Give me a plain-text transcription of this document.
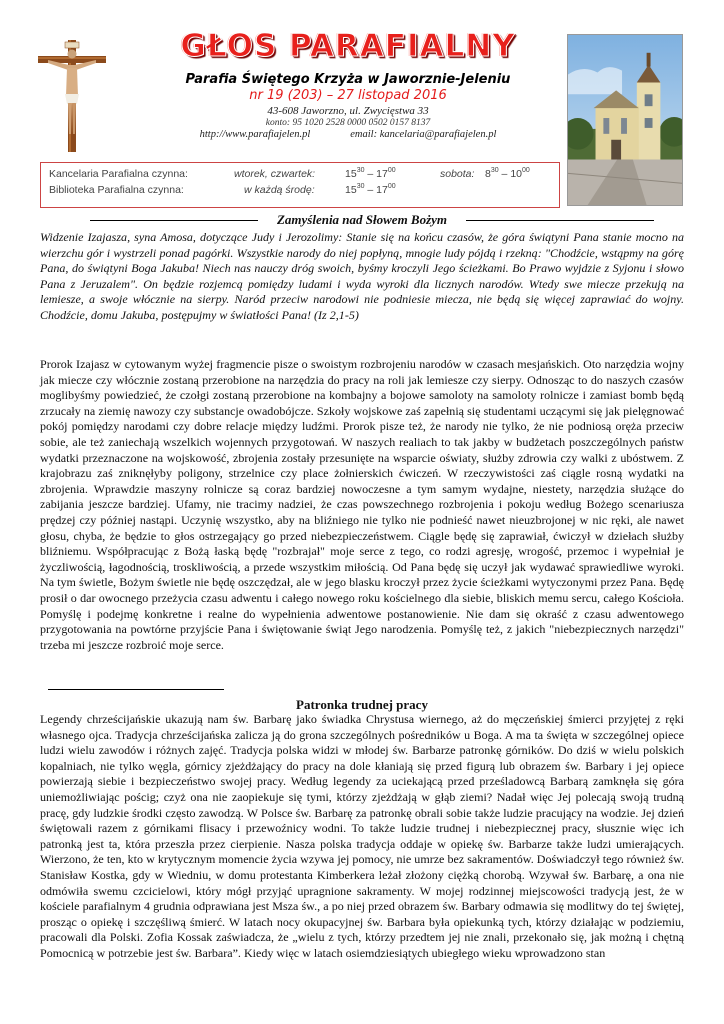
GŁOS PARAFIALNY
Parafia Świętego Krzyża w Jaworznie-Jeleniu
nr 19 (203) – 27 listopad 2016
43-608 Jaworzno, ul. Zwycięstwa 33
konto: 95 1020 2528 0000 0502 0157 8137
http://www.parafiajelen.pl	email: kancelaria@parafiajelen.pl
Kancelaria Parafialna czynna:	wtorek, czwartek:	$15^{30} - 17^{00}$	sobota: $8^{30} - 10^{00}$
Biblioteka Parafialna czynna:	w każdą środę:	$15^{30} - 17^{00}$
Zamyślenia nad Słowem Bożym
Widzenie Izajasza, syna Amosa, dotyczące Judy i Jerozolimy: Stanie się na końcu czasów, że góra świątyni Pana stanie mocno na wierzchu gór i wystrzeli ponad pagórki. Wszystkie narody do niej popłyną, mnogie ludy pójdą i rzekną: "Chodźcie, wstąpmy na górę Pana, do świątyni Boga Jakuba! Niech nas nauczy dróg swoich, byśmy kroczyli Jego ścieżkami. Bo Prawo wyjdzie z Syjonu i słowo Pana z Jeruzalem". On będzie rozjemcą pomiędzy ludami i wyda wyroki dla licznych narodów. Wtedy swe miecze przekują na lemiesze, a swoje włócznie na sierpy. Naród przeciw narodowi nie podniesie miecza, nie będą się więcej zaprawiać do wojny. Chodźcie, domu Jakuba, postępujmy w światłości Pana! (Iz 2,1-5)
Prorok Izajasz w cytowanym wyżej fragmencie pisze o swoistym rozbrojeniu narodów w czasach mesjańskich. Oto narzędzia wojny jak miecze czy włócznie zostaną przerobione na narzędzia do pracy na roli jak lemiesze czy sierpy. Odnosząc to do naszych czasów moglibyśmy powiedzieć, że czołgi zostaną przerobione na kombajny a bojowe samoloty na samoloty rolnicze i zamiast bomb będą zrzucały na ziemię nawozy czy substancje owadobójcze. Szkoły wojskowe zaś zapełnią się studentami uczącymi się jak pielęgnować pokój pomiędzy narodami czy dobre relacje między ludźmi. Prorok pisze też, że narody nie tylko, że nie podniosą oręża przeciw sobie, ale też zaniechają wszelkich wojennych przygotowań. W naszych realiach to tak jakby w budżetach poszczególnych państw wydatki przeznaczone na wojskowość, zbrojenia zostały przesunięte na wsparcie oświaty, służby zdrowia czy walki z ubóstwem. Z krajobrazu zaś zniknęłyby poligony, strzelnice czy place żołnierskich ćwiczeń. W rzeczywistości zaś ciągle rosną wydatki na zbrojenia. Wprawdzie maszyny rolnicze są coraz bardziej nowoczesne a tym samym wydajne, niestety, narzędzia służące do zabijania jeszcze bardziej. Ufamy, nie tracimy nadziei, że czas powszechnego rozbrojenia i pokoju według Bożego scenariusza prędzej czy później nastąpi. Uczynię wszystko, aby na bliźniego nie tylko nie podnieść nawet nieuzbrojonej w nic ręki, ale nawet głosu, chyba, że będzie to głos ostrzegający go przed niebezpieczeństwem. Ciągle będę się zaprawiał, ćwiczył w dziełach służby bliźniemu. Współpracując z Bożą łaską będę "rozbrajał" moje serce z tego, co rodzi agresję, wrogość, przemoc i wypełniał je życzliwością, łagodnością, troskliwością, a przede wszystkim miłością. Od Pana będę się uczył jak wydawać sprawiedliwe wyroki. Na tym świetle, Bożym świetle nie będę oszczędzał, ale w jego blasku kroczył przez życie ścieżkami wytyczonymi przez Pana. Będę prosił o dar owocnego przeżycia czasu adwentu i całego nowego roku kościelnego dla siebie, bliskich memu sercu, całego Kościoła. Pomyślę i podejmę konkretne i realne do wypełnienia adwentowe postanowienie. Nie dam się okraść z czasu adwentowego przygotowania na powtórne przyjście Pana i świętowanie świąt Jego narodzenia. Pomyślę też, z jakich "niebezpiecznych narzędzi" trzeba mi jeszcze rozbroić moje serce.
Patronka trudnej pracy
Legendy chrześcijańskie ukazują nam św. Barbarę jako świadka Chrystusa wiernego, aż do męczeńskiej śmierci przyjętej z ręki własnego ojca. Tradycja chrześcijańska zalicza ją do grona szczególnych pośredników u Boga. A ma ta święta w szczególnej opiece ludzi wielu zawodów i różnych zajęć. Tradycja polska widzi w młodej św. Barbarze patronkę górników. Do dziś w wielu polskich kopalniach, nie tylko węgla, górnicy zjeżdżający do pracy na dole kłaniają się przed figurą lub obrazem św. Barbary i jej opiece powierzają siebie i bezpieczeństwo swojej pracy. Według legendy za uciekającą przed prześladowcą Barbarą zamknęła się góra uniemożliwiając pościg; czyż ona nie zaopiekuje się tymi, którzy zjeżdżają w głąb ziemi? Nadał więc Jej polecają swoją trudną pracę, gdy ludzkie środki często zawodzą. W Polsce św. Barbarę za patronkę obrali sobie także ludzie pracujący na wodzie. Jej dzień świętowali razem z górnikami flisacy i przewoźnicy wodni. To także ludzie trudnej i niebezpiecznej pracy, słusznie więc ich patronką jest ta, która przeszła przez cierpienie. Nasza polska tradycja oddaje w opiekę św. Barbarze także ludzi umierających. Wierzono, że ten, kto w krytycznym momencie życia wzywa jej pomocy, nie umrze bez sakramentów. Doświadczył tego również św. Stanisław Kostka, gdy w Wiedniu, w domu protestanta Kimberkera leżał złożony ciężką chorobą. Wzywał św. Barbarę, a ona nie odmówiła swemu czcicielowi, który mógł przyjąć upragnione sakramenty. W mojej rodzinnej miejscowości tradycją jest, że w kościele parafialnym 4 grudnia odprawiana jest Msza św., a po niej przed obrazem św. Barbary odmawia się modlitwy do tej świętej, prosząc o opiekę i szczęśliwą śmierć. W latach nocy okupacyjnej św. Barbara była opiekunką tych, którzy działając w podziemiu, pracowali dla Polski. Zofia Kossak zaświadcza, że „wielu z tych, którzy przedtem jej nie znali, przekonało się, jak możną i chętną Pomocnicą w potrzebie jest św. Barbara”. Kiedy więc w latach osiemdziesiątych ubiegłego wieku wprowadzono stan
